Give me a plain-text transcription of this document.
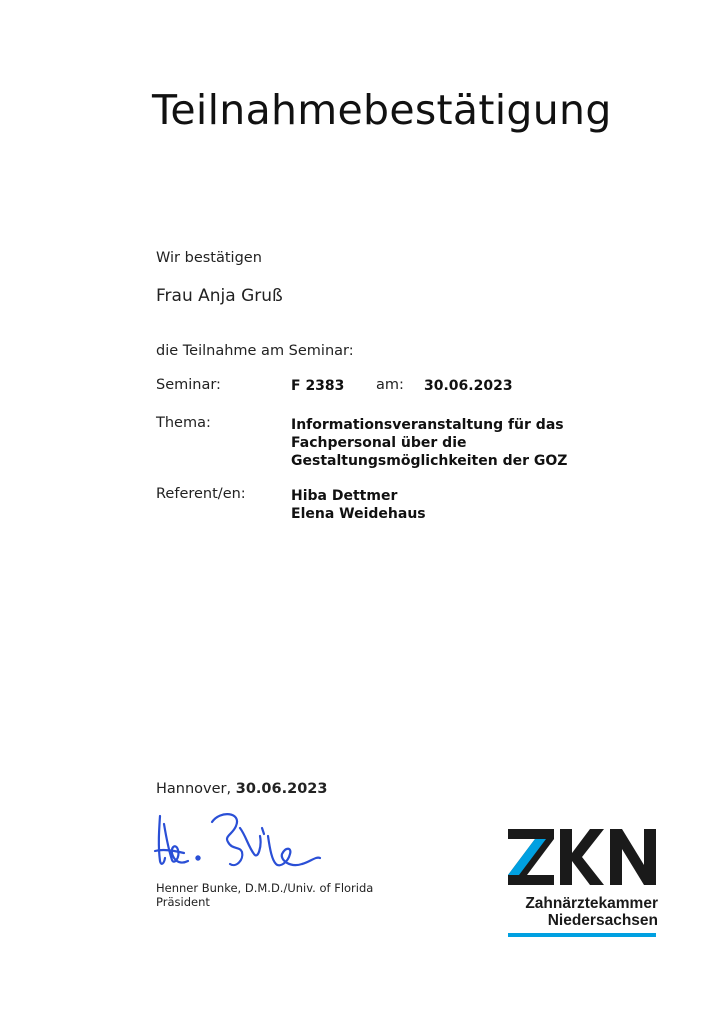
Teilnahmebestätigung
Wir bestätigen
Frau Anja Gruß
die Teilnahme am Seminar:
Seminar:	F 2383 am: 30.06.2023
Thema:	Informationsveranstaltung für das
Fachpersonal über die
Gestaltungsmöglichkeiten der GOZ
Referent/en:	Hiba Dettmer
Elena Weidehaus
Hannover, 30.06.2023
Henner Bunke, D.M.D./Univ. of Florida
Präsident	Zahnärztekammer
Niedersachsen
